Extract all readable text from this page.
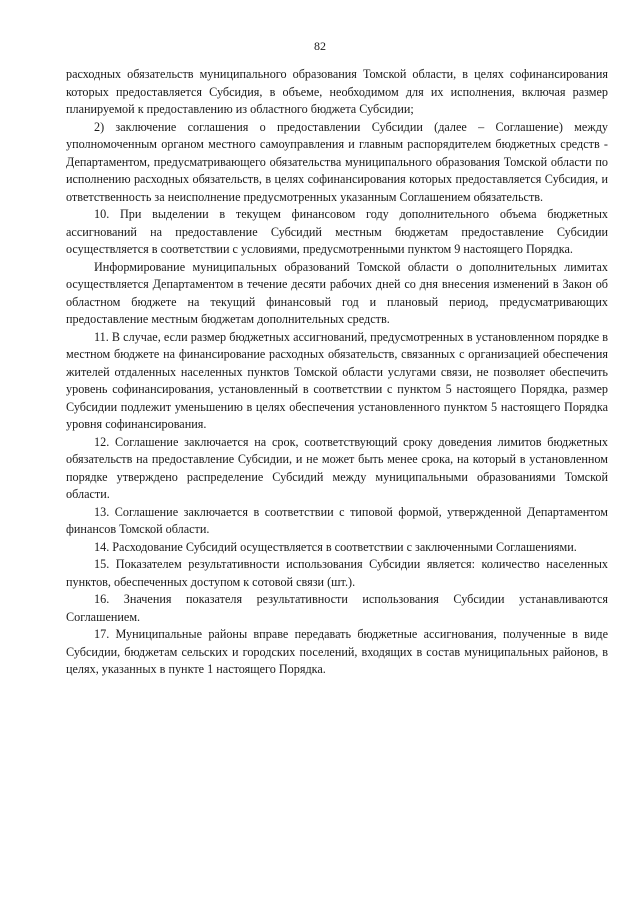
82

расходных обязательств муниципального образования Томской области, в целях софинансирования которых предоставляется Субсидия, в объеме, необходимом для их исполнения, включая размер планируемой к предоставлению из областного бюджета Субсидии;

2) заключение соглашения о предоставлении Субсидии (далее – Соглашение) между уполномоченным органом местного самоуправления и главным распорядителем бюджетных средств - Департаментом, предусматривающего обязательства муниципального образования Томской области по исполнению расходных обязательств, в целях софинансирования которых предоставляется Субсидия, и ответственность за неисполнение предусмотренных указанным Соглашением обязательств.

10. При выделении в текущем финансовом году дополнительного объема бюджетных ассигнований на предоставление Субсидий местным бюджетам предоставление Субсидии осуществляется в соответствии с условиями, предусмотренными пунктом 9 настоящего Порядка.

Информирование муниципальных образований Томской области о дополнительных лимитах осуществляется Департаментом в течение десяти рабочих дней со дня внесения изменений в Закон об областном бюджете на текущий финансовый год и плановый период, предусматривающих предоставление местным бюджетам дополнительных средств.

11. В случае, если размер бюджетных ассигнований, предусмотренных в установленном порядке в местном бюджете на финансирование расходных обязательств, связанных с организацией обеспечения жителей отдаленных населенных пунктов Томской области услугами связи, не позволяет обеспечить уровень софинансирования, установленный в соответствии с пунктом 5 настоящего Порядка, размер Субсидии подлежит уменьшению в целях обеспечения установленного пунктом 5 настоящего Порядка уровня софинансирования.

12. Соглашение заключается на срок, соответствующий сроку доведения лимитов бюджетных обязательств на предоставление Субсидии, и не может быть менее срока, на который в установленном порядке утверждено распределение Субсидий между муниципальными образованиями Томской области.

13. Соглашение заключается в соответствии с типовой формой, утвержденной Департаментом финансов Томской области.

14. Расходование Субсидий осуществляется в соответствии с заключенными Соглашениями.

15. Показателем результативности использования Субсидии является: количество населенных пунктов, обеспеченных доступом к сотовой связи (шт.).

16. Значения показателя результативности использования Субсидии устанавливаются Соглашением.

17. Муниципальные районы вправе передавать бюджетные ассигнования, полученные в виде Субсидии, бюджетам сельских и городских поселений, входящих в состав муниципальных районов, в целях, указанных в пункте 1 настоящего Порядка.
